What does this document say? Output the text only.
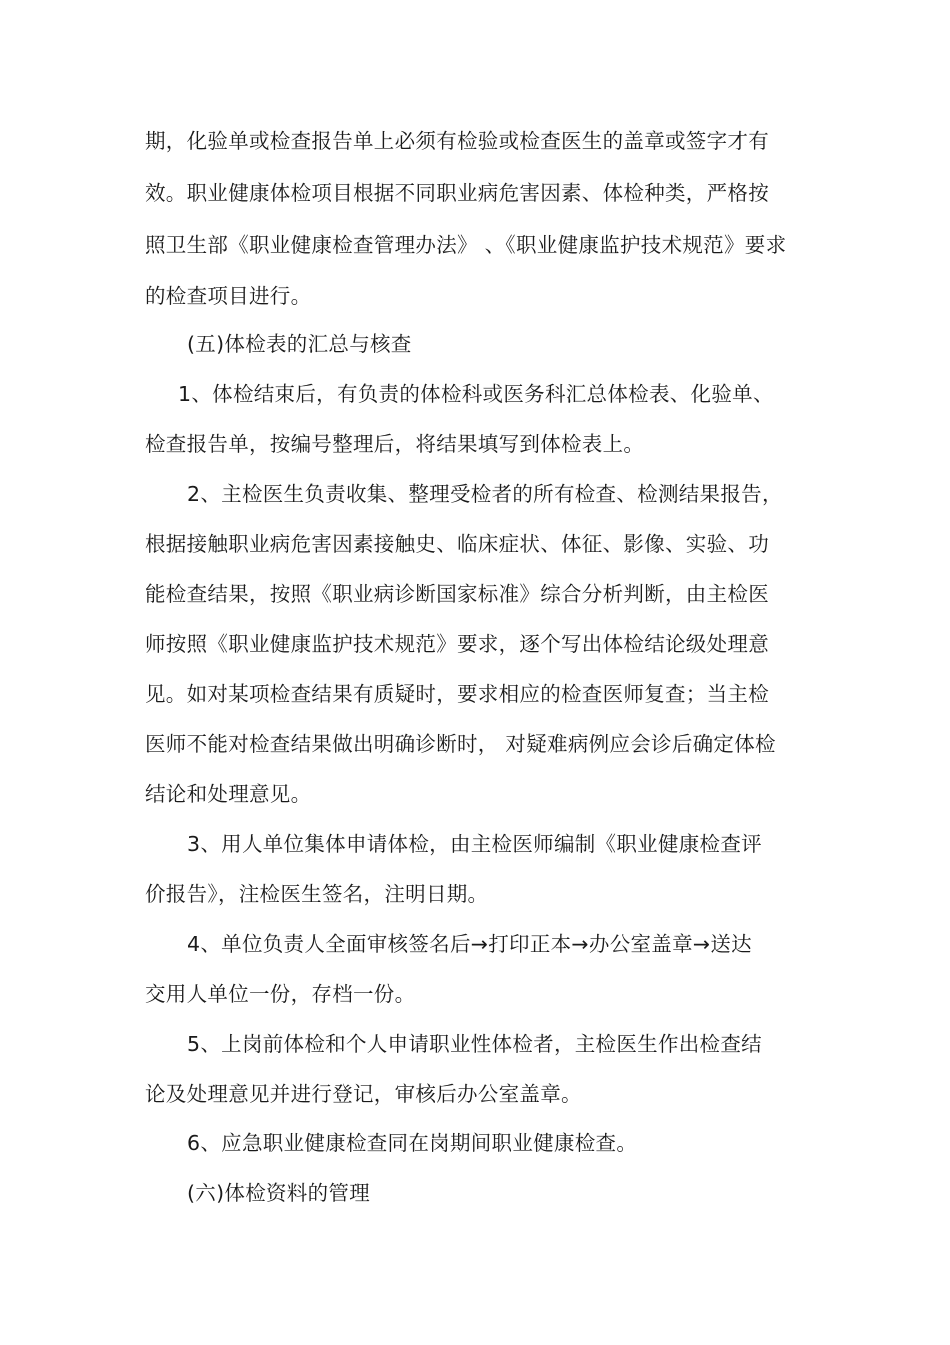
期，化验单或检查报告单上必须有检验或检查医生的盖章或签字才有
效。职业健康体检项目根据不同职业病危害因素、体检种类，严格按
照卫生部《职业健康检查管理办法》 、《职业健康监护技术规范》要求
的检查项目进行。
(五)体检表的汇总与核查
1、体检结束后，有负责的体检科或医务科汇总体检表、化验单、
检查报告单，按编号整理后，将结果填写到体检表上。
2、主检医生负责收集、整理受检者的所有检查、检测结果报告，
根据接触职业病危害因素接触史、临床症状、体征、影像、实验、功
能检查结果，按照《职业病诊断国家标准》综合分析判断，由主检医
师按照《职业健康监护技术规范》要求，逐个写出体检结论级处理意
见。如对某项检查结果有质疑时，要求相应的检查医师复查；当主检
医师不能对检查结果做出明确诊断时， 对疑难病例应会诊后确定体检
结论和处理意见。
3、用人单位集体申请体检，由主检医师编制《职业健康检查评
价报告》，注检医生签名，注明日期。
4、单位负责人全面审核签名后→打印正本→办公室盖章→送达
交用人单位一份，存档一份。
5、上岗前体检和个人申请职业性体检者，主检医生作出检查结
论及处理意见并进行登记，审核后办公室盖章。
6、应急职业健康检查同在岗期间职业健康检查。
(六)体检资料的管理
